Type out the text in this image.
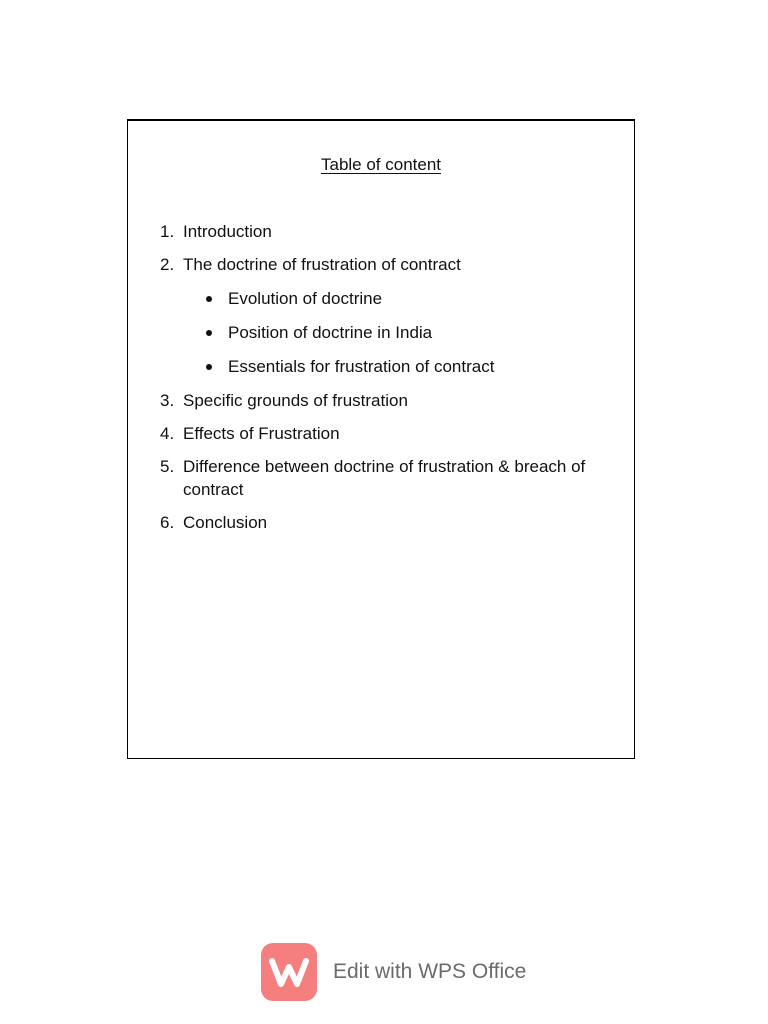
Table of content
1. Introduction
2. The doctrine of frustration of contract
Evolution of doctrine
Position of doctrine in India
Essentials for frustration of contract
3. Specific grounds of frustration
4. Effects of Frustration
5. Difference between doctrine of frustration & breach of contract
6. Conclusion
Edit with WPS Office
